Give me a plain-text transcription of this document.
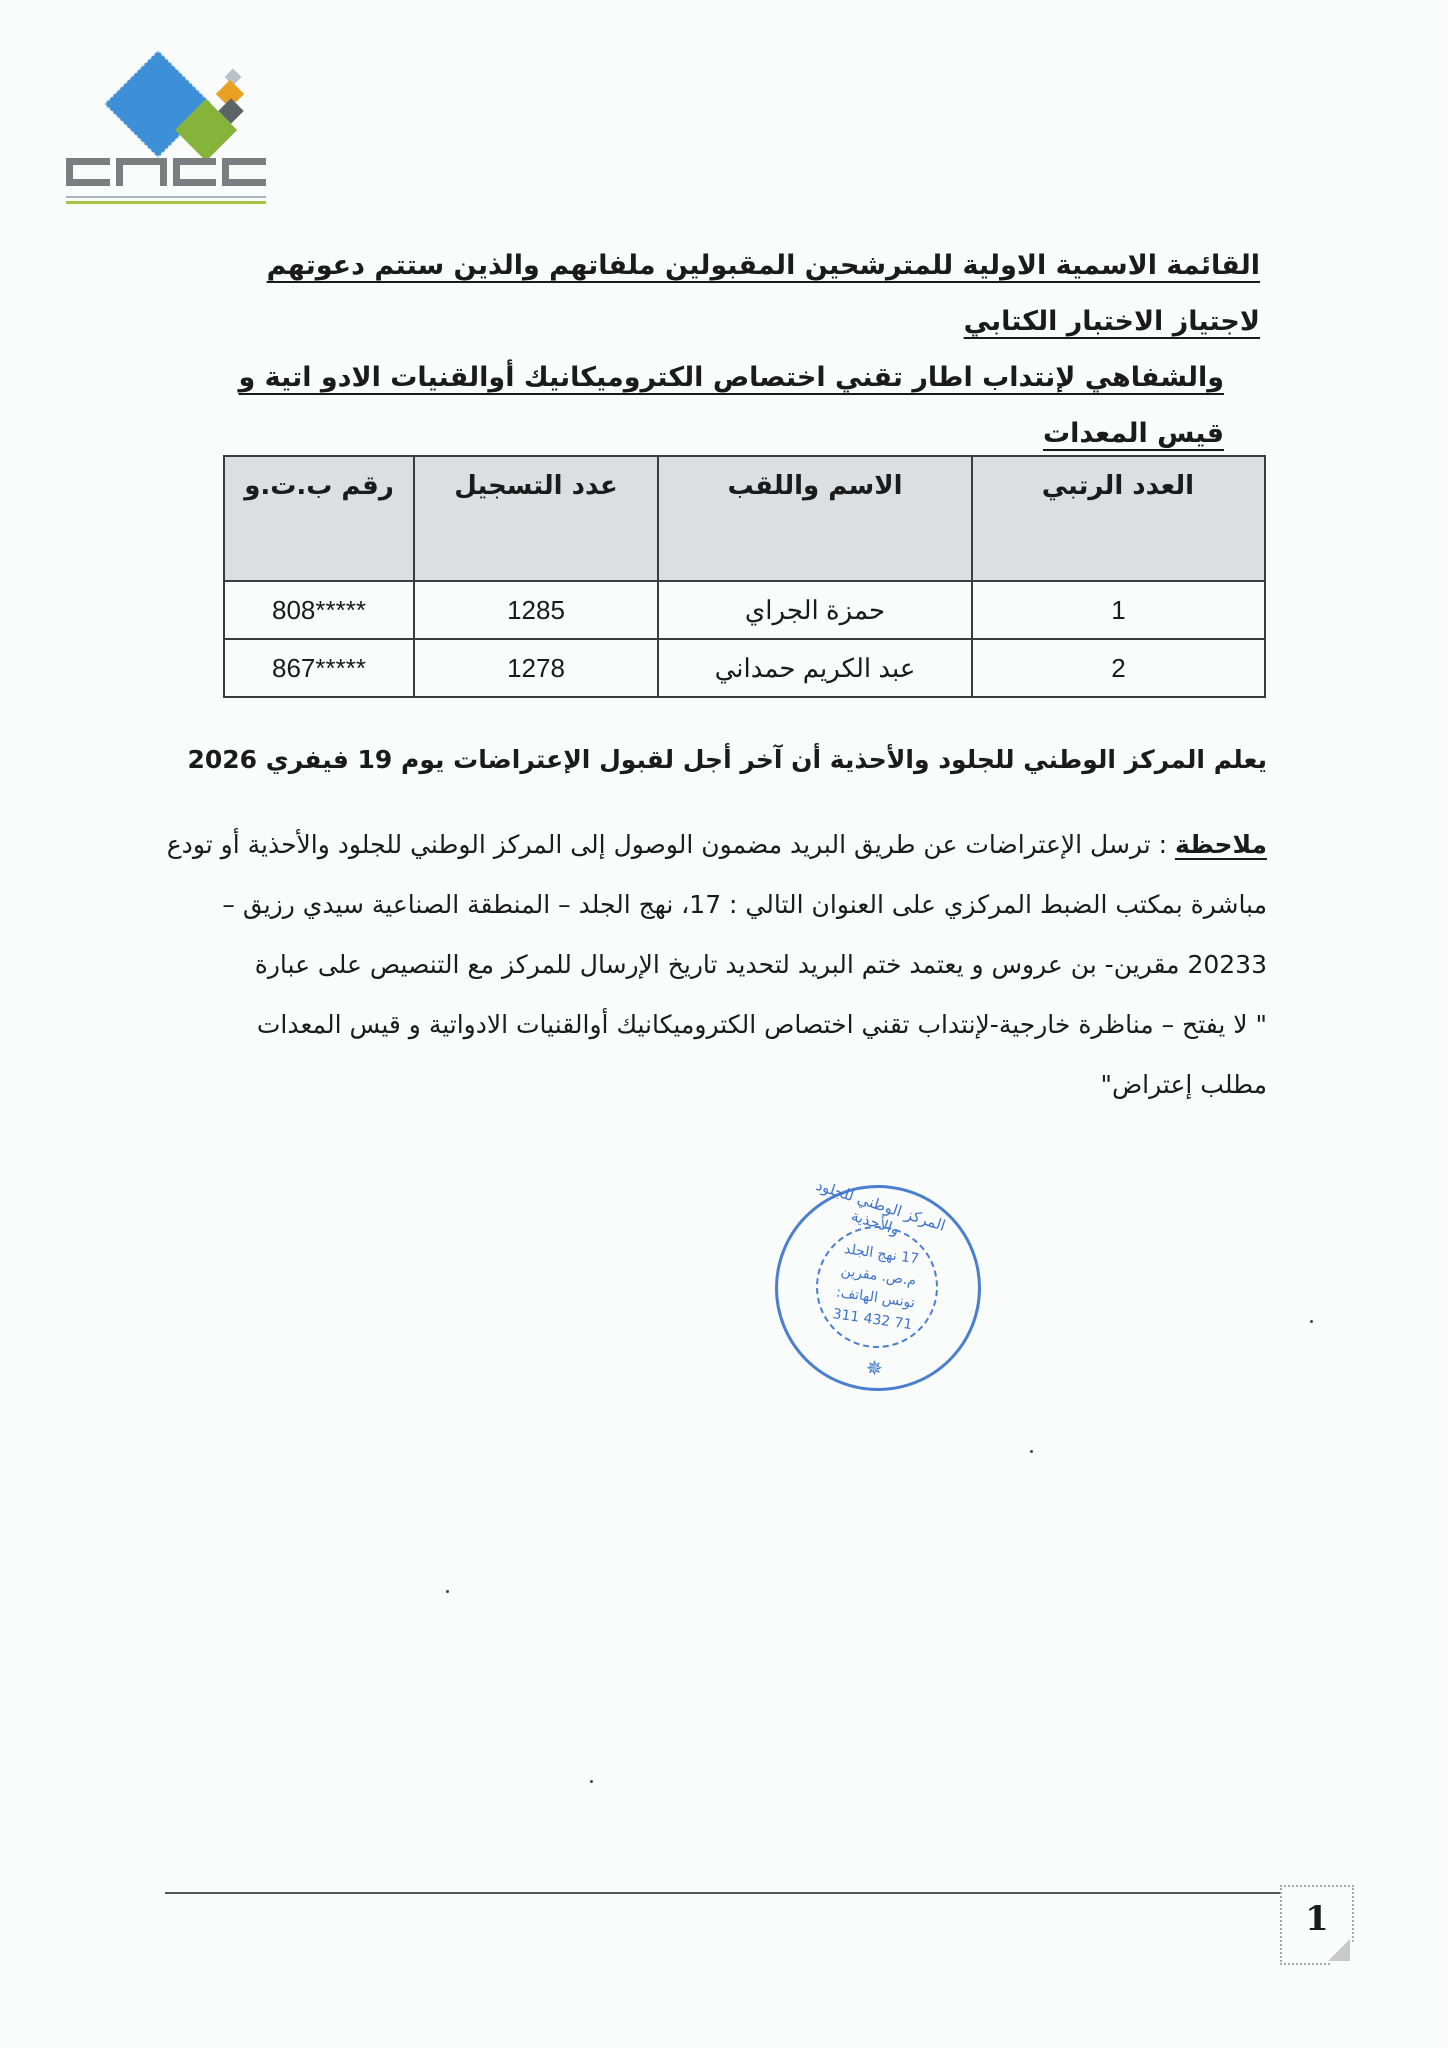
القائمة الاسمية الاولية للمترشحين المقبولين ملفاتهم والذين ستتم دعوتهم لاجتياز الاختبار الكتابي
والشفاهي لإنتداب اطار تقني اختصاص الكتروميكانيك أوالقنيات الادو اتية و قيس المعدات
العدد الرتبي	الاسم واللقب	عدد التسجيل	رقم ب.ت.و
1	حمزة الجراي	1285	*****808
2	عبد الكريم حمداني	1278	*****867
يعلم المركز الوطني للجلود والأحذية أن آخر أجل لقبول الإعتراضات يوم 19 فيفري 2026
ملاحظة : ترسل الإعتراضات عن طريق البريد مضمون الوصول إلى المركز الوطني للجلود والأحذية أو تودع
مباشرة بمكتب الضبط المركزي على العنوان التالي : 17، نهج الجلد – المنطقة الصناعية سيدي رزيق –
20233 مقرين- بن عروس و يعتمد ختم البريد لتحديد تاريخ الإرسال للمركز مع التنصيص على عبارة
" لا يفتح – مناظرة خارجية-لإنتداب تقني اختصاص الكتروميكانيك أوالقنيات الادواتية و قيس المعدات
مطلب إعتراض"
المركز الوطني للجلود والأحذية
17 نهج الجلد
م.ص. مقرين
تونس الهاتف:
71 432 311
✵
1
